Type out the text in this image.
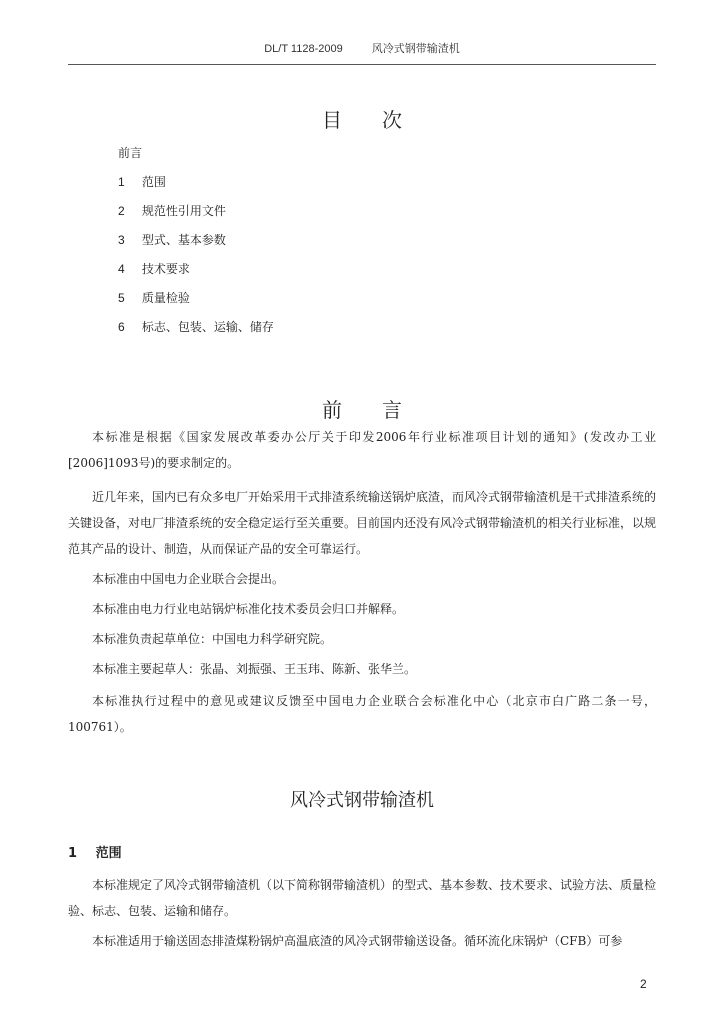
DL/T 1128-2009	风冷式钢带输渣机
目次
前言
1 范围
2 规范性引用文件
3 型式、基本参数
4 技术要求
5 质量检验
6 标志、包装、运输、储存
前言

本标准是根据《国家发展改革委办公厅关于印发2006年行业标准项目计划的通知》(发改办工业[2006]1093号)的要求制定的。

近几年来，国内已有众多电厂开始采用干式排渣系统输送锅炉底渣，而风冷式钢带输渣机是干式排渣系统的关键设备，对电厂排渣系统的安全稳定运行至关重要。目前国内还没有风冷式钢带输渣机的相关行业标准，以规范其产品的设计、制造，从而保证产品的安全可靠运行。

本标准由中国电力企业联合会提出。

本标准由电力行业电站锅炉标准化技术委员会归口并解释。

本标准负责起草单位：中国电力科学研究院。

本标准主要起草人：张晶、刘振强、王玉玮、陈新、张华兰。

本标准执行过程中的意见或建议反馈至中国电力企业联合会标准化中心（北京市白广路二条一号，100761）。

风冷式钢带输渣机
1 范围

本标准规定了风冷式钢带输渣机（以下简称钢带输渣机）的型式、基本参数、技术要求、试验方法、质量检验、标志、包装、运输和储存。

本标准适用于输送固态排渣煤粉锅炉高温底渣的风冷式钢带输送设备。循环流化床锅炉（CFB）可参

2
